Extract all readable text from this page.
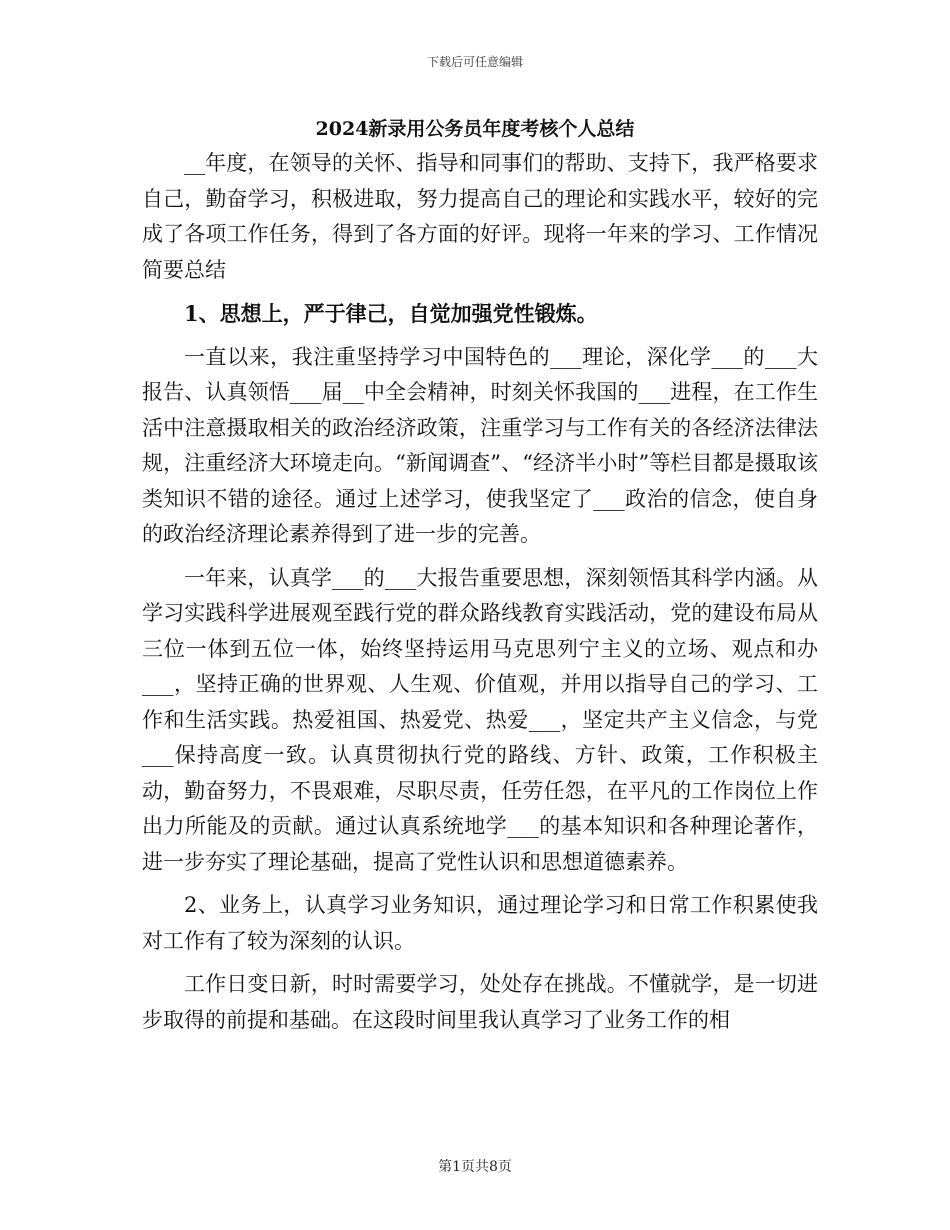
下载后可任意编辑
2024新录用公务员年度考核个人总结

__年度，在领导的关怀、指导和同事们的帮助、支持下，我严格要求自己，勤奋学习，积极进取，努力提高自己的理论和实践水平，较好的完成了各项工作任务，得到了各方面的好评。现将一年来的学习、工作情况简要总结

1、思想上，严于律己，自觉加强党性锻炼。

一直以来，我注重坚持学习中国特色的___理论，深化学___的___大报告、认真领悟___届__中全会精神，时刻关怀我国的___进程，在工作生活中注意摄取相关的政治经济政策，注重学习与工作有关的各经济法律法规，注重经济大环境走向。“新闻调查”、“经济半小时”等栏目都是摄取该类知识不错的途径。通过上述学习，使我坚定了___政治的信念，使自身的政治经济理论素养得到了进一步的完善。

一年来，认真学___的___大报告重要思想，深刻领悟其科学内涵。从学习实践科学进展观至践行党的群众路线教育实践活动，党的建设布局从三位一体到五位一体，始终坚持运用马克思列宁主义的立场、观点和办___，坚持正确的世界观、人生观、价值观，并用以指导自己的学习、工作和生活实践。热爱祖国、热爱党、热爱___，坚定共产主义信念，与党___保持高度一致。认真贯彻执行党的路线、方针、政策，工作积极主动，勤奋努力，不畏艰难，尽职尽责，任劳任怨，在平凡的工作岗位上作出力所能及的贡献。通过认真系统地学___的基本知识和各种理论著作，进一步夯实了理论基础，提高了党性认识和思想道德素养。

2、业务上，认真学习业务知识，通过理论学习和日常工作积累使我对工作有了较为深刻的认识。

工作日变日新，时时需要学习，处处存在挑战。不懂就学，是一切进步取得的前提和基础。在这段时间里我认真学习了业务工作的相

第1页共8页
